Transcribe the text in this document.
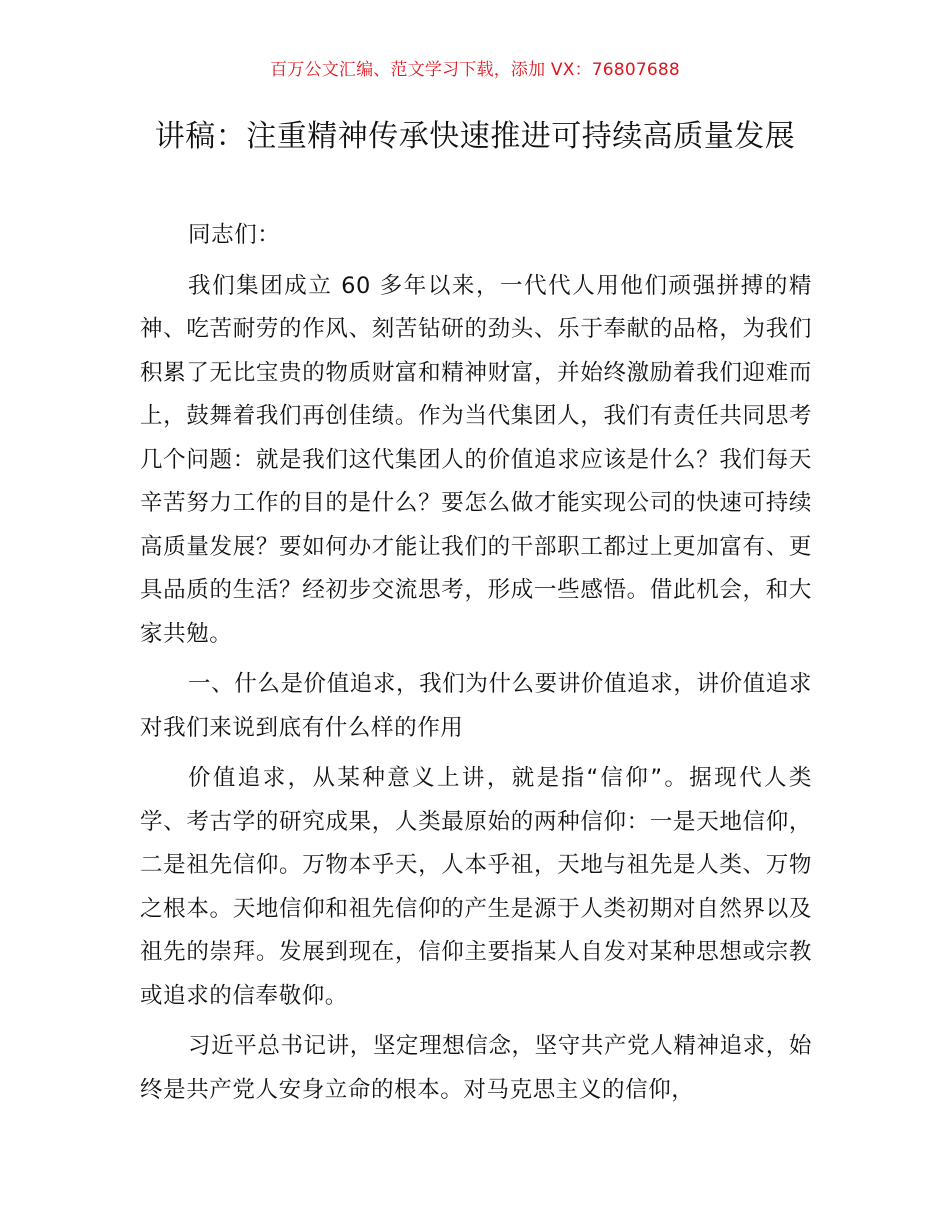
百万公文汇编、范文学习下载，添加 VX：76807688
讲稿：注重精神传承快速推进可持续高质量发展

同志们：

我们集团成立 60 多年以来，一代代人用他们顽强拼搏的精神、吃苦耐劳的作风、刻苦钻研的劲头、乐于奉献的品格，为我们积累了无比宝贵的物质财富和精神财富，并始终激励着我们迎难而上，鼓舞着我们再创佳绩。作为当代集团人，我们有责任共同思考几个问题：就是我们这代集团人的价值追求应该是什么？我们每天辛苦努力工作的目的是什么？要怎么做才能实现公司的快速可持续高质量发展？要如何办才能让我们的干部职工都过上更加富有、更具品质的生活？经初步交流思考，形成一些感悟。借此机会，和大家共勉。

一、什么是价值追求，我们为什么要讲价值追求，讲价值追求对我们来说到底有什么样的作用

价值追求，从某种意义上讲，就是指“信仰”。据现代人类学、考古学的研究成果，人类最原始的两种信仰：一是天地信仰，二是祖先信仰。万物本乎天，人本乎祖，天地与祖先是人类、万物之根本。天地信仰和祖先信仰的产生是源于人类初期对自然界以及祖先的崇拜。发展到现在，信仰主要指某人自发对某种思想或宗教或追求的信奉敬仰。

习近平总书记讲，坚定理想信念，坚守共产党人精神追求，始终是共产党人安身立命的根本。对马克思主义的信仰，
